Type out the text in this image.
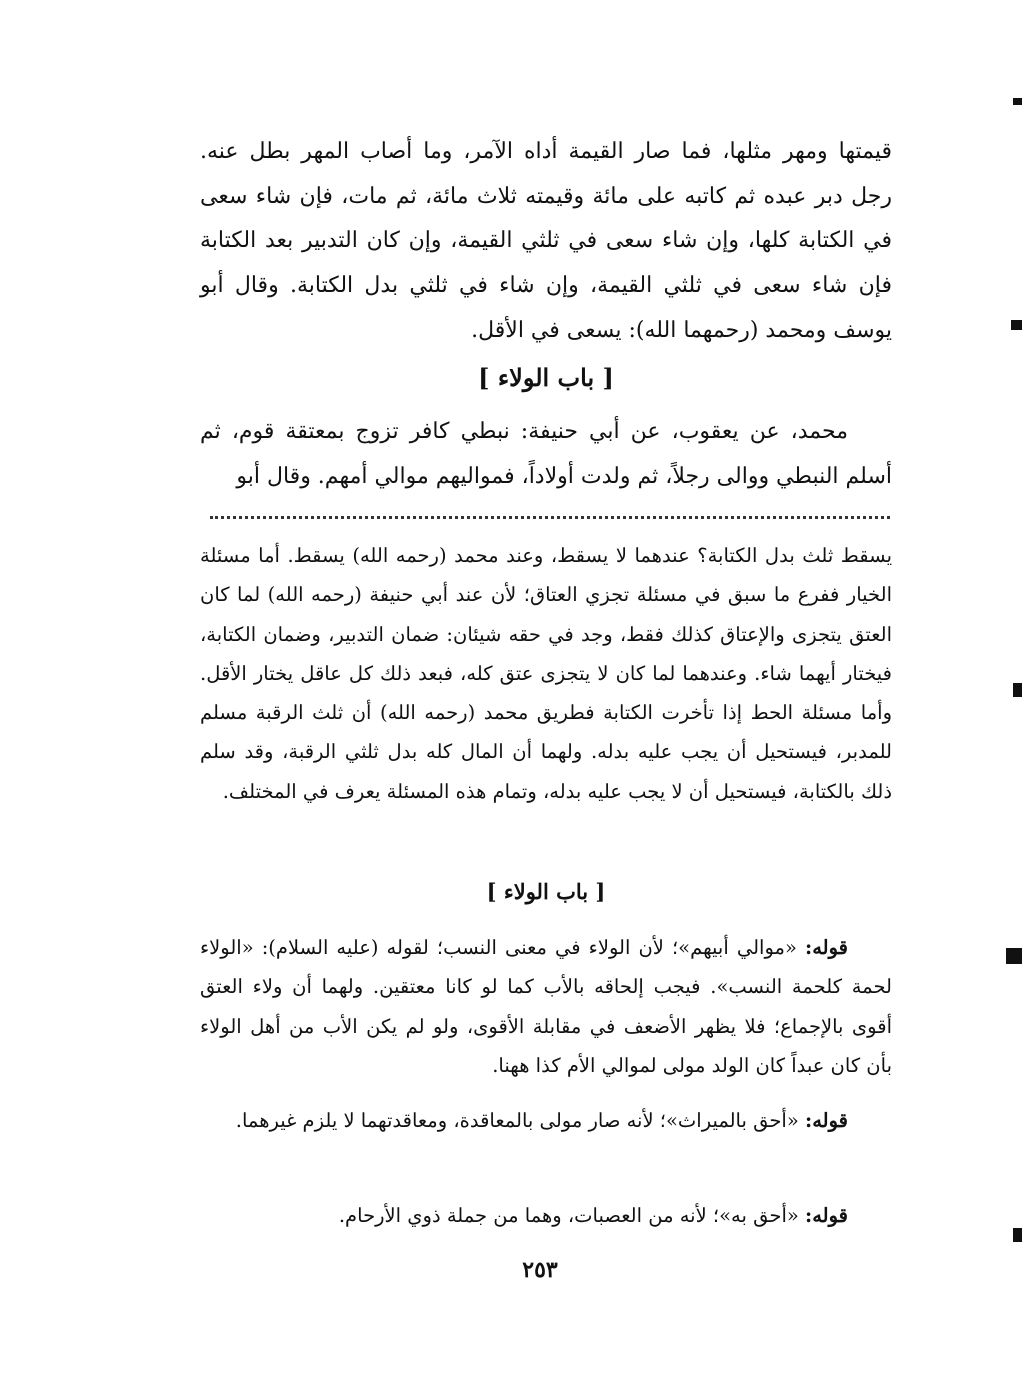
قيمتها ومهر مثلها، فما صار القيمة أداه الآمر، وما أصاب المهر بطل عنه. رجل دبر عبده ثم كاتبه على مائة وقيمته ثلاث مائة، ثم مات، فإن شاء سعى في الكتابة كلها، وإن شاء سعى في ثلثي القيمة، وإن كان التدبير بعد الكتابة فإن شاء سعى في ثلثي القيمة، وإن شاء في ثلثي بدل الكتابة. وقال أبو يوسف ومحمد (رحمهما الله): يسعى في الأقل.
[ باب الولاء ]
محمد، عن يعقوب، عن أبي حنيفة: نبطي كافر تزوج بمعتقة قوم، ثم أسلم النبطي ووالى رجلاً، ثم ولدت أولاداً، فمواليهم موالي أمهم. وقال أبو
يسقط ثلث بدل الكتابة؟ عندهما لا يسقط، وعند محمد (رحمه الله) يسقط. أما مسئلة الخيار ففرع ما سبق في مسئلة تجزي العتاق؛ لأن عند أبي حنيفة (رحمه الله) لما كان العتق يتجزى والإعتاق كذلك فقط، وجد في حقه شيئان: ضمان التدبير، وضمان الكتابة، فيختار أيهما شاء. وعندهما لما كان لا يتجزى عتق كله، فبعد ذلك كل عاقل يختار الأقل. وأما مسئلة الحط إذا تأخرت الكتابة فطريق محمد (رحمه الله) أن ثلث الرقبة مسلم للمدبر، فيستحيل أن يجب عليه بدله. ولهما أن المال كله بدل ثلثي الرقبة، وقد سلم ذلك بالكتابة، فيستحيل أن لا يجب عليه بدله، وتمام هذه المسئلة يعرف في المختلف.
[ باب الولاء ]
قوله: «موالي أبيهم»؛ لأن الولاء في معنى النسب؛ لقوله (عليه السلام): «الولاء لحمة كلحمة النسب». فيجب إلحاقه بالأب كما لو كانا معتقين. ولهما أن ولاء العتق أقوى بالإجماع؛ فلا يظهر الأضعف في مقابلة الأقوى، ولو لم يكن الأب من أهل الولاء بأن كان عبداً كان الولد مولى لموالي الأم كذا ههنا.
قوله: «أحق بالميراث»؛ لأنه صار مولى بالمعاقدة، ومعاقدتهما لا يلزم غيرهما.
قوله: «أحق به»؛ لأنه من العصبات، وهما من جملة ذوي الأرحام.
٢٥٣
